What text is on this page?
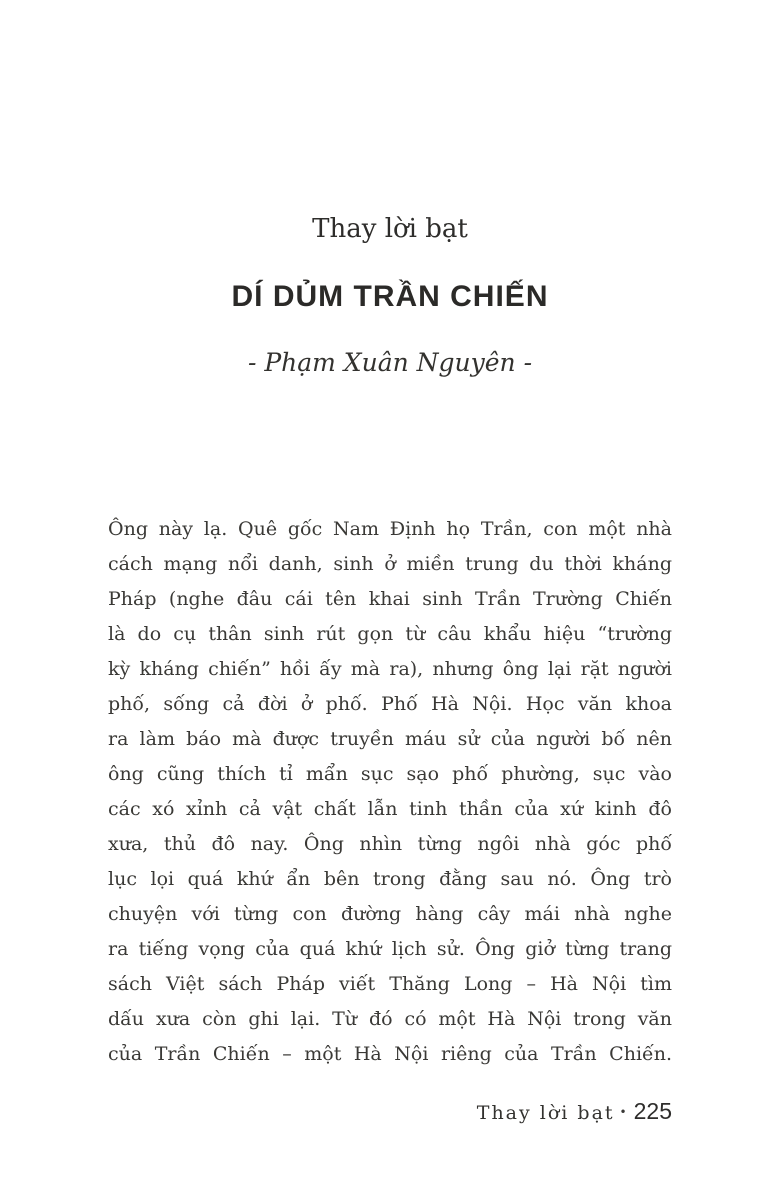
Thay lời bạt
DÍ DỦM TRẦN CHIẾN
- Phạm Xuân Nguyên -
Ông này lạ. Quê gốc Nam Định họ Trần, con một nhà
cách mạng nổi danh, sinh ở miền trung du thời kháng
Pháp (nghe đâu cái tên khai sinh Trần Trường Chiến
là do cụ thân sinh rút gọn từ câu khẩu hiệu “trường
kỳ kháng chiến” hồi ấy mà ra), nhưng ông lại rặt người
phố, sống cả đời ở phố. Phố Hà Nội. Học văn khoa
ra làm báo mà được truyền máu sử của người bố nên
ông cũng thích tỉ mẩn sục sạo phố phường, sục vào
các xó xỉnh cả vật chất lẫn tinh thần của xứ kinh đô
xưa, thủ đô nay. Ông nhìn từng ngôi nhà góc phố
lục lọi quá khứ ẩn bên trong đằng sau nó. Ông trò
chuyện với từng con đường hàng cây mái nhà nghe
ra tiếng vọng của quá khứ lịch sử. Ông giở từng trang
sách Việt sách Pháp viết Thăng Long – Hà Nội tìm
dấu xưa còn ghi lại. Từ đó có một Hà Nội trong văn
của Trần Chiến – một Hà Nội riêng của Trần Chiến.
Thay lời bạt • 225
